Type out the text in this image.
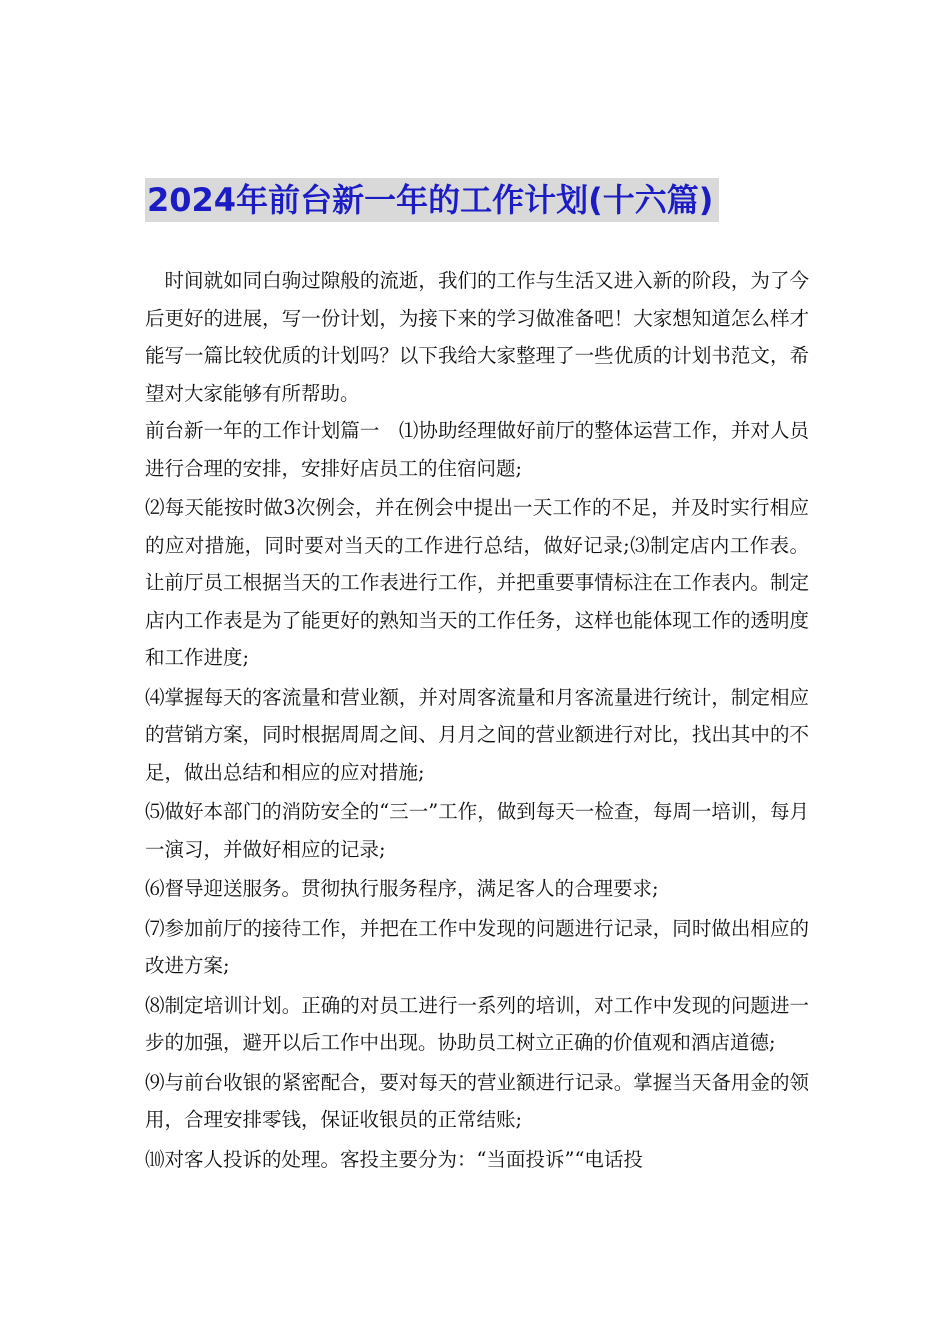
2024年前台新一年的工作计划(十六篇)

　时间就如同白驹过隙般的流逝，我们的工作与生活又进入新的阶段，为了今后更好的进展，写一份计划，为接下来的学习做准备吧！大家想知道怎么样才能写一篇比较优质的计划吗？以下我给大家整理了一些优质的计划书范文，希望对大家能够有所帮助。

前台新一年的工作计划篇一　⑴协助经理做好前厅的整体运营工作，并对人员进行合理的安排，安排好店员工的住宿问题;

⑵每天能按时做3次例会，并在例会中提出一天工作的不足，并及时实行相应的应对措施，同时要对当天的工作进行总结，做好记录;⑶制定店内工作表。让前厅员工根据当天的工作表进行工作，并把重要事情标注在工作表内。制定店内工作表是为了能更好的熟知当天的工作任务，这样也能体现工作的透明度和工作进度;

⑷掌握每天的客流量和营业额，并对周客流量和月客流量进行统计，制定相应的营销方案，同时根据周周之间、月月之间的营业额进行对比，找出其中的不足，做出总结和相应的应对措施;

⑸做好本部门的消防安全的“三一”工作，做到每天一检查，每周一培训，每月一演习，并做好相应的记录;

⑹督导迎送服务。贯彻执行服务程序，满足客人的合理要求;

⑺参加前厅的接待工作，并把在工作中发现的问题进行记录，同时做出相应的改进方案;

⑻制定培训计划。正确的对员工进行一系列的培训，对工作中发现的问题进一步的加强，避开以后工作中出现。协助员工树立正确的价值观和酒店道德;

⑼与前台收银的紧密配合，要对每天的营业额进行记录。掌握当天备用金的领用，合理安排零钱，保证收银员的正常结账;

⑽对客人投诉的处理。客投主要分为：“当面投诉”“电话投
